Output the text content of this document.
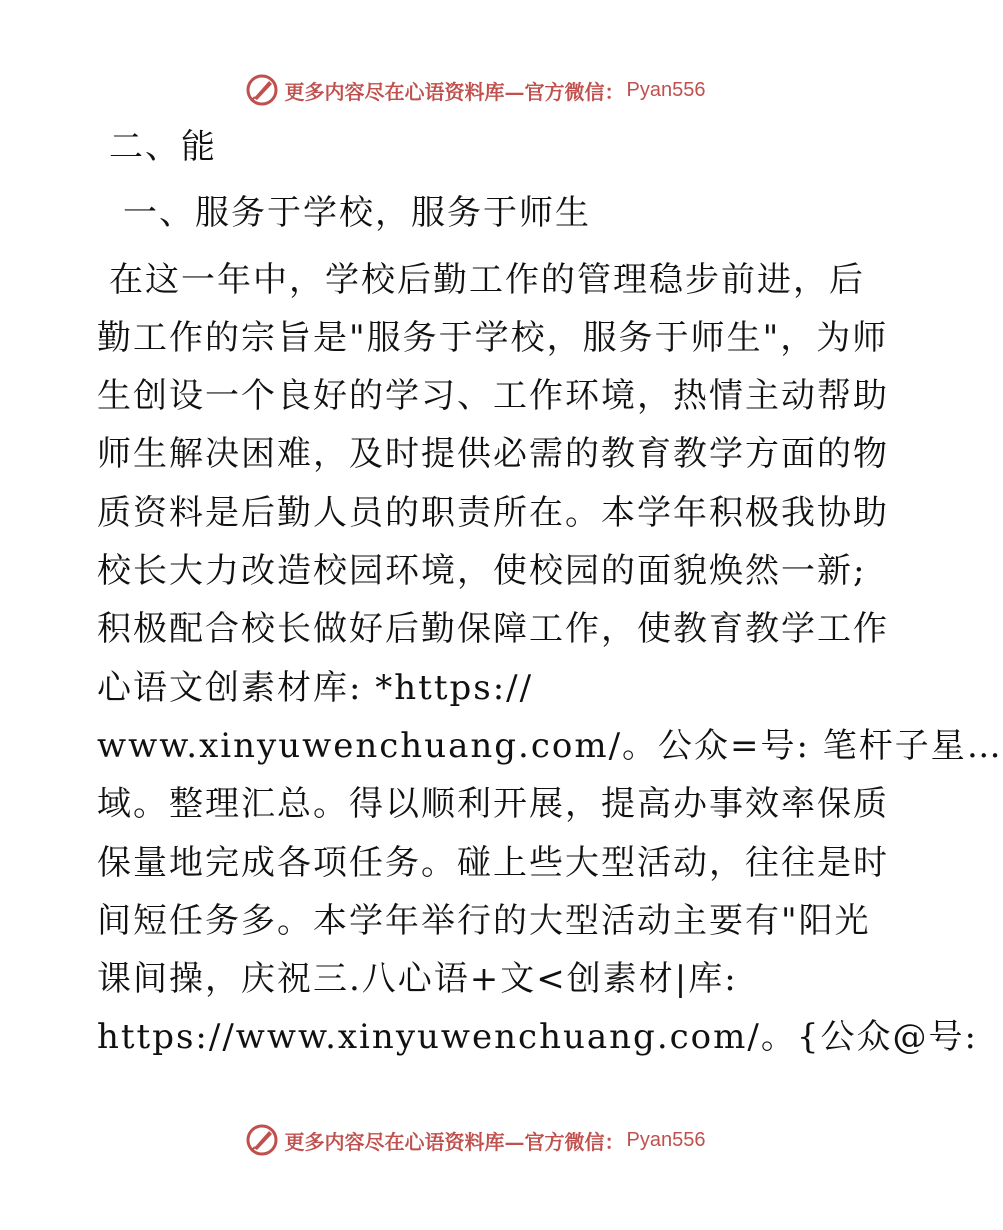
更多内容尽在心语资料库— 官方微信： Pyan556
二、能
一、服务于学校，服务于师生
在这一年中，学校后勤工作的管理稳步前进，后
勤工作的宗旨是"服务于学校，服务于师生"，为师
生创设一个良好的学习、工作环境，热情主动帮助
师生解决困难，及时提供必需的教育教学方面的物
质资料是后勤人员的职责所在。本学年积极我协助
校长大力改造校园环境，使校园的面貌焕然一新;
积极配合校长做好后勤保障工作，使教育教学工作
心语文创素材库: *https://
www.xinyuwenchuang.com/。公众=号: 笔杆子星…
域。整理汇总。得以顺利开展，提高办事效率保质
保量地完成各项任务。碰上些大型活动，往往是时
间短任务多。本学年举行的大型活动主要有"阳光
课间操，庆祝三.八心语+文<创素材|库:
https://www.xinyuwenchuang.com/。{公众@号:
更多内容尽在心语资料库— 官方微信： Pyan556
